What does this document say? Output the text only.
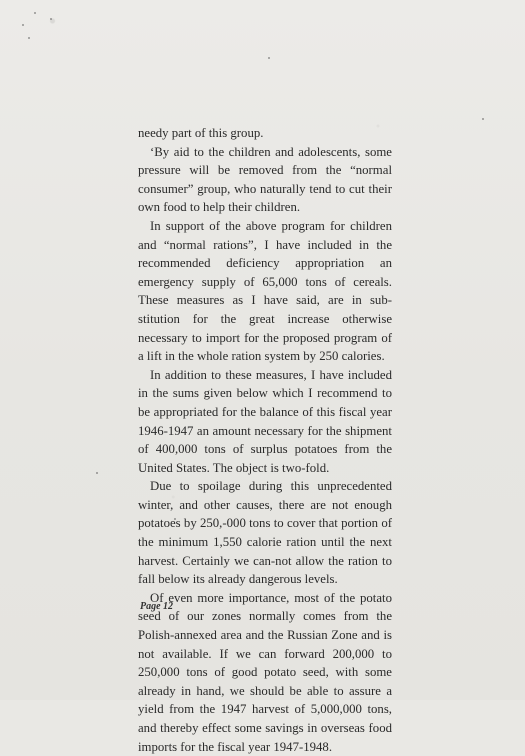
needy part of this group.

‘By aid to the children and adolescents, some pressure will be removed from the “normal consumer” group, who naturally tend to cut their own food to help their children.

In support of the above program for children and “normal rations”, I have included in the recommended deficiency appropriation an emergency supply of 65,000 tons of cereals. These measures as I have said, are in sub-stitution for the great increase otherwise necessary to import for the proposed program of a lift in the whole ration system by 250 calories.

In addition to these measures, I have included in the sums given below which I recommend to be appropriated for the balance of this fiscal year 1946-1947 an amount necessary for the shipment of 400,000 tons of surplus potatoes from the United States. The object is two-fold.

Due to spoilage during this unprecedented winter, and other causes, there are not enough potatoes by 250,-000 tons to cover that portion of the minimum 1,550 calorie ration until the next harvest. Certainly we can-not allow the ration to fall below its already dangerous levels.

Of even more importance, most of the potato seed of our zones normally comes from the Polish-annexed area and the Russian Zone and is not available. If we can forward 200,000 to 250,000 tons of good potato seed, with some already in hand, we should be able to assure a yield from the 1947 harvest of 5,000,000 tons, and thereby effect some savings in overseas food imports for the fiscal year 1947-1948.

Page 12
